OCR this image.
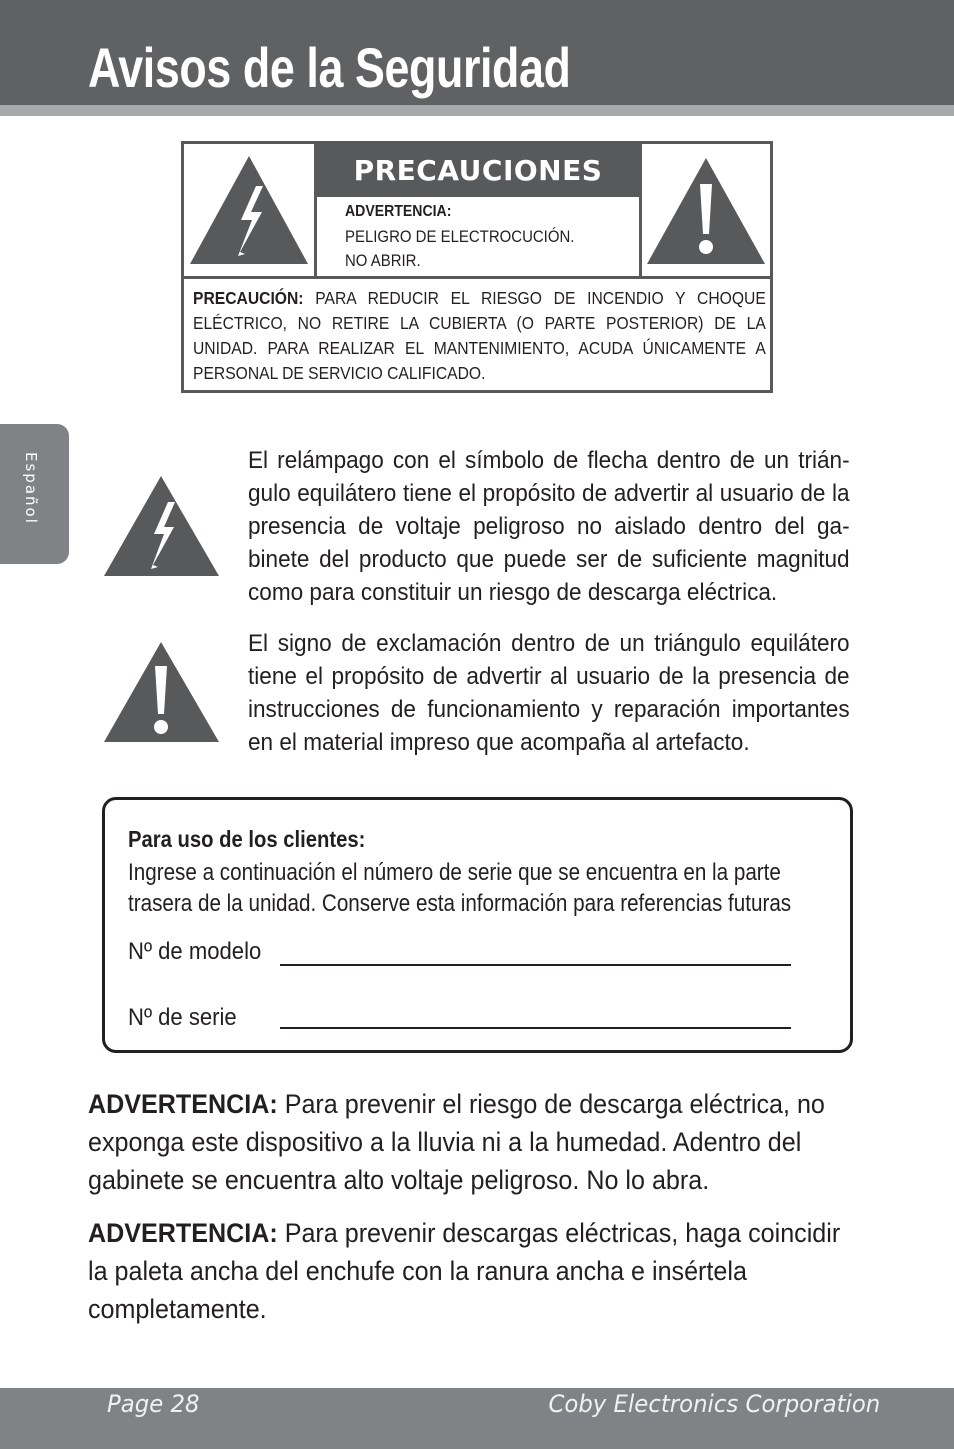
Avisos de la Seguridad
Español
PRECAUCIONES
ADVERTENCIA:
PELIGRO DE ELECTROCUCIÓN.
NO ABRIR.
PRECAUCIÓN: PARA REDUCIR EL RIESGO DE INCENDIO Y CHOQUE ELÉCTRICO, NO RETIRE LA CUBIERTA (O PARTE POSTERIOR) DE LA UNIDAD. PARA REALIZAR EL MANTENIMIENTO, ACUDA ÚNICAMENTE A PERSONAL DE SERVICIO CALIFICADO.
El relámpago con el símbolo de flecha dentro de un triángulo equilátero tiene el propósito de advertir al usuario de la presencia de voltaje peligroso no aislado dentro del gabinete del producto que puede ser de suficiente magnitud como para constituir un riesgo de descarga eléctrica.
El signo de exclamación dentro de un triángulo equilátero tiene el propósito de advertir al usuario de la presencia de instrucciones de funcionamiento y reparación importantes en el material impreso que acompaña al artefacto.
Para uso de los clientes:
Ingrese a continuación el número de serie que se encuentra en la parte trasera de la unidad. Conserve esta información para referencias futuras
Nº de modelo
Nº de serie
ADVERTENCIA: Para prevenir el riesgo de descarga eléctrica, no exponga este dispositivo a la lluvia ni a la humedad. Adentro del gabinete se encuentra alto voltaje peligroso. No lo abra.
ADVERTENCIA: Para prevenir descargas eléctricas, haga coincidir la paleta ancha del enchufe con la ranura ancha e insértela completamente.
Page 28	Coby Electronics Corporation
